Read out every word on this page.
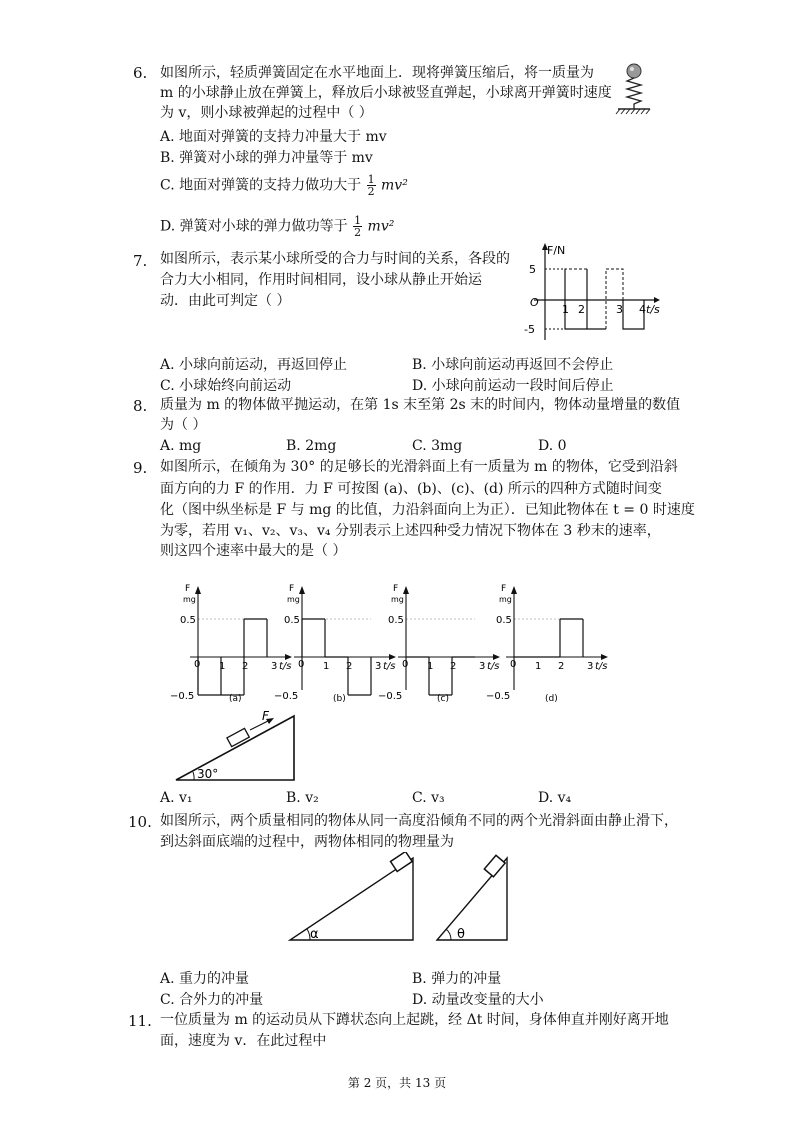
6. 如图所示，轻质弹簧固定在水平地面上．现将弹簧压缩后，将一质量为
m 的小球静止放在弹簧上，释放后小球被竖直弹起，小球离开弹簧时速度
为 v，则小球被弹起的过程中（ ）
A. 地面对弹簧的支持力冲量大于 mv
B. 弹簧对小球的弹力冲量等于 mv
C. 地面对弹簧的支持力做功大于 $\frac{1}{2} mv^2$
D. 弹簧对小球的弹力做功等于 $\frac{1}{2} mv^2$
7. 如图所示，表示某小球所受的合力与时间的关系，各段的
合力大小相同，作用时间相同，设小球从静止开始运
动．由此可判定（ ）
F/N
t/s
O
5
-5
1 2	3 4
A. 小球向前运动，再返回停止	B. 小球向前运动再返回不会停止
C. 小球始终向前运动	D. 小球向前运动一段时间后停止
8. 质量为 m 的物体做平抛运动，在第 1s 末至第 2s 末的时间内，物体动量增量的数值
为（ ）
A. mg	B. 2mg	C. 3mg	D. 0
9. 如图所示，在倾角为 30° 的足够长的光滑斜面上有一质量为 m 的物体，它受到沿斜
面方向的力 F 的作用．力 F 可按图 (a)、(b)、(c)、(d) 所示的四种方式随时间变
化（图中纵坐标是 F 与 mg 的比值，力沿斜面向上为正）．已知此物体在 t = 0 时速度
为零，若用 v₁、v₂、v₃、v₄ 分别表示上述四种受力情况下物体在 3 秒末的速率，
则这四个速率中最大的是（ ）
F
mg
0.5
−0.5
0 1 2 3 t/s
(a)
F
mg
0.5
−0.5
0 1 2 3 t/s
(b)
F
mg
0.5
−0.5
0 1 2 3 t/s
(c)
F
mg
0.5
−0.5
0 1 2 3 t/s
(d)
F
30°
A. v₁	B. v₂	C. v₃	D. v₄
10. 如图所示，两个质量相同的物体从同一高度沿倾角不同的两个光滑斜面由静止滑下，
到达斜面底端的过程中，两物体相同的物理量为
α	θ
A. 重力的冲量	B. 弹力的冲量
C. 合外力的冲量	D. 动量改变量的大小
11. 一位质量为 m 的运动员从下蹲状态向上起跳，经 Δt 时间，身体伸直并刚好离开地
面，速度为 v．在此过程中
第 2 页，共 13 页
